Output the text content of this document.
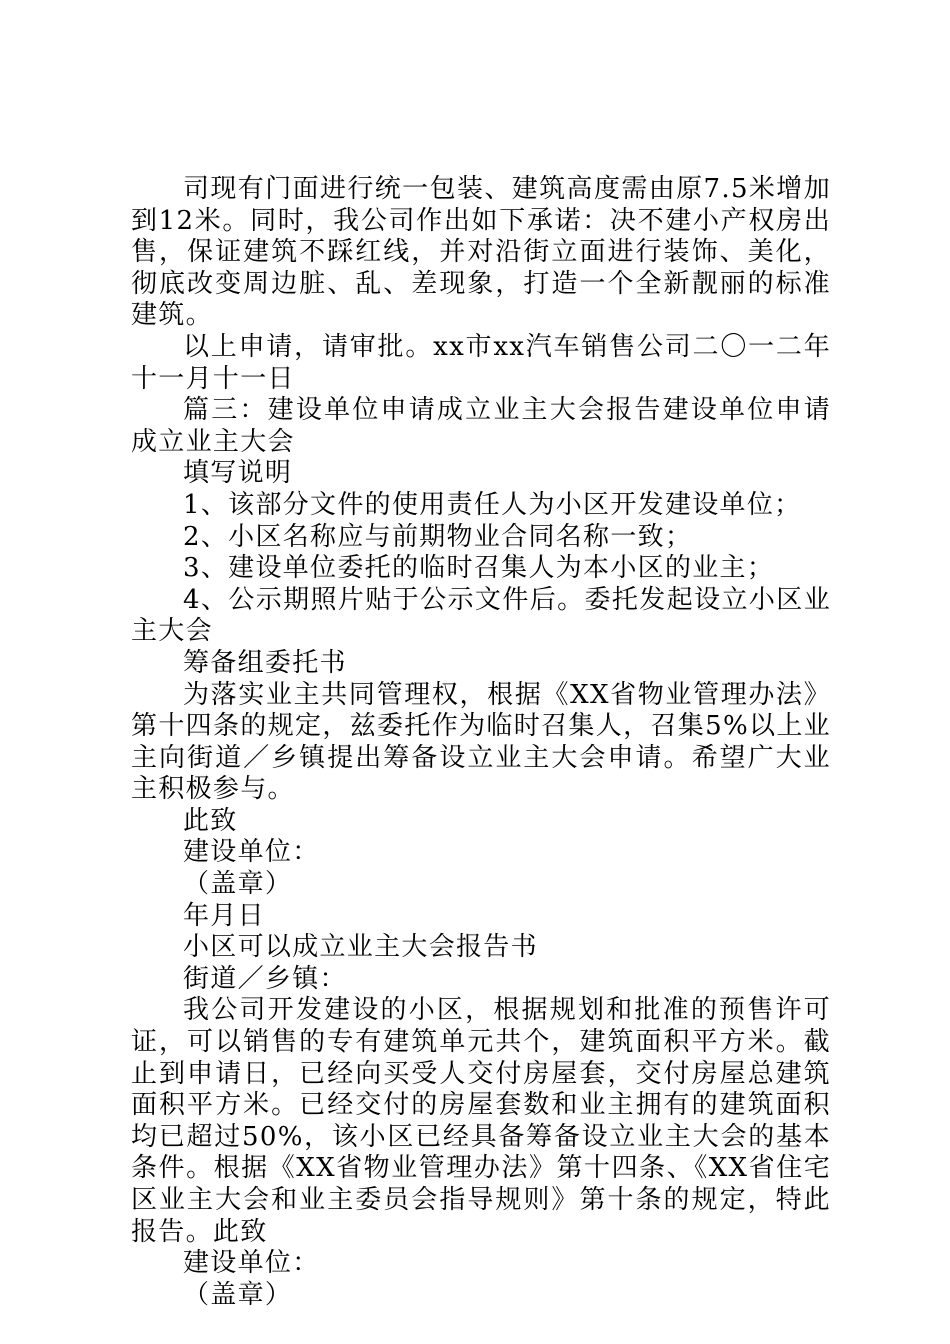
司现有门面进行统一包装、建筑高度需由原7.5米增加到12米。同时，我公司作出如下承诺：决不建小产权房出售，保证建筑不踩红线，并对沿街立面进行装饰、美化，彻底改变周边脏、乱、差现象，打造一个全新靓丽的标准建筑。

以上申请，请审批。xx市xx汽车销售公司二〇一二年十一月十一日

篇三：建设单位申请成立业主大会报告建设单位申请成立业主大会

填写说明

1、该部分文件的使用责任人为小区开发建设单位；

2、小区名称应与前期物业合同名称一致；

3、建设单位委托的临时召集人为本小区的业主；

4、公示期照片贴于公示文件后。委托发起设立小区业主大会

筹备组委托书

为落实业主共同管理权，根据《XX省物业管理办法》第十四条的规定，兹委托作为临时召集人，召集5%以上业主向街道／乡镇提出筹备设立业主大会申请。希望广大业主积极参与。

此致

建设单位：

（盖章）

年月日

小区可以成立业主大会报告书

街道／乡镇：

我公司开发建设的小区，根据规划和批准的预售许可证，可以销售的专有建筑单元共个，建筑面积平方米。截止到申请日，已经向买受人交付房屋套，交付房屋总建筑面积平方米。已经交付的房屋套数和业主拥有的建筑面积均已超过50%，该小区已经具备筹备设立业主大会的基本条件。根据《XX省物业管理办法》第十四条、《XX省住宅区业主大会和业主委员会指导规则》第十条的规定，特此报告。此致

建设单位：

（盖章）
